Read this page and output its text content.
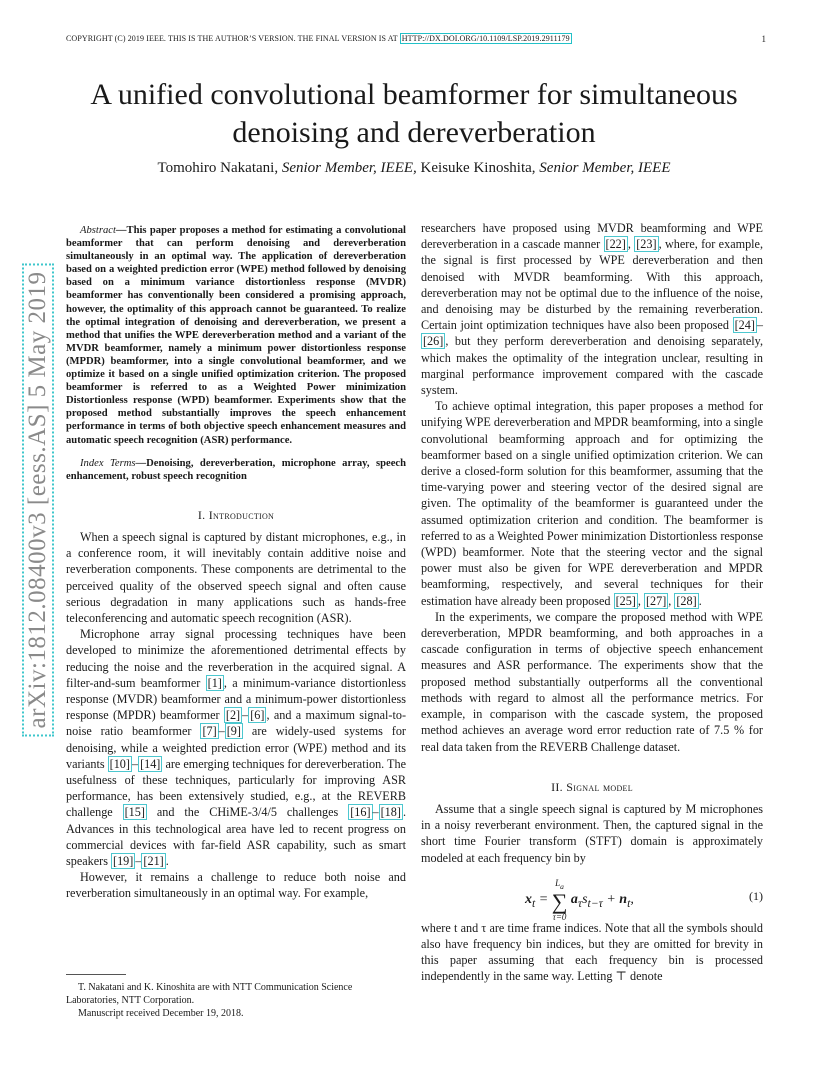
COPYRIGHT (C) 2019 IEEE. THIS IS THE AUTHOR’S VERSION. THE FINAL VERSION IS AT HTTP://DX.DOI.ORG/10.1109/LSP.2019.2911179	1
arXiv:1812.08400v3 [eess.AS] 5 May 2019
A unified convolutional beamformer for simultaneous denoising and dereverberation
Tomohiro Nakatani, Senior Member, IEEE, Keisuke Kinoshita, Senior Member, IEEE

Abstract—This paper proposes a method for estimating a convolutional beamformer that can perform denoising and dereverberation simultaneously in an optimal way. The application of dereverberation based on a weighted prediction error (WPE) method followed by denoising based on a minimum variance distortionless response (MVDR) beamformer has conventionally been considered a promising approach, however, the optimality of this approach cannot be guaranteed. To realize the optimal integration of denoising and dereverberation, we present a method that unifies the WPE dereverberation method and a variant of the MVDR beamformer, namely a minimum power distortionless response (MPDR) beamformer, into a single convolutional beamformer, and we optimize it based on a single unified optimization criterion. The proposed beamformer is referred to as a Weighted Power minimization Distortionless response (WPD) beamformer. Experiments show that the proposed method substantially improves the speech enhancement performance in terms of both objective speech enhancement measures and automatic speech recognition (ASR) performance.

Index Terms—Denoising, dereverberation, microphone array, speech enhancement, robust speech recognition

I. Introduction

When a speech signal is captured by distant microphones, e.g., in a conference room, it will inevitably contain additive noise and reverberation components. These components are detrimental to the perceived quality of the observed speech signal and often cause serious degradation in many applications such as hands-free teleconferencing and automatic speech recognition (ASR).

Microphone array signal processing techniques have been developed to minimize the aforementioned detrimental effects by reducing the noise and the reverberation in the acquired signal. A filter-and-sum beamformer [1] , a minimum-variance distortionless response (MVDR) beamformer and a minimum-power distortionless response (MPDR) beamformer [2] – [6] , and a maximum signal-to-noise ratio beamformer [7] – [9] are widely-used systems for denoising, while a weighted prediction error (WPE) method and its variants [10] – [14] are emerging techniques for dereverberation. The usefulness of these techniques, particularly for improving ASR performance, has been extensively studied, e.g., at the REVERB challenge [15] and the CHiME-3/4/5 challenges [16] – [18] . Advances in this technological area have led to recent progress on commercial devices with far-field ASR capability, such as smart speakers [19] – [21] .

However, it remains a challenge to reduce both noise and reverberation simultaneously in an optimal way. For example,

T. Nakatani and K. Kinoshita are with NTT Communication Science Laboratories, NTT Corporation.

Manuscript received December 19, 2018.

researchers have proposed using MVDR beamforming and WPE dereverberation in a cascade manner [22] , [23] , where, for example, the signal is first processed by WPE dereverberation and then denoised with MVDR beamforming. With this approach, dereverberation may not be optimal due to the influence of the noise, and denoising may be disturbed by the remaining reverberation. Certain joint optimization techniques have also been proposed [24] –[26] , but they perform dereverberation and denoising separately, which makes the optimality of the integration unclear, resulting in marginal performance improvement compared with the cascade system.

To achieve optimal integration, this paper proposes a method for unifying WPE dereverberation and MPDR beamforming, into a single convolutional beamforming approach and for optimizing the beamformer based on a single unified optimization criterion. We can derive a closed-form solution for this beamformer, assuming that the time-varying power and steering vector of the desired signal are given. The optimality of the beamformer is guaranteed under the assumed optimization criterion and condition. The beamformer is referred to as a Weighted Power minimization Distortionless response (WPD) beamformer. Note that the steering vector and the signal power must also be given for WPE dereverberation and MPDR beamforming, respectively, and several techniques for their estimation have already been proposed [25] , [27] , [28] .

In the experiments, we compare the proposed method with WPE dereverberation, MPDR beamforming, and both approaches in a cascade configuration in terms of objective speech enhancement measures and ASR performance. The experiments show that the proposed method substantially outperforms all the conventional methods with regard to almost all the performance metrics. For example, in comparison with the cascade system, the proposed method achieves an average word error reduction rate of 7.5 % for real data taken from the REVERB Challenge dataset.

II. Signal model

Assume that a single speech signal is captured by M microphones in a noisy reverberant environment. Then, the captured signal in the short time Fourier transform (STFT) domain is approximately modeled at each frequency bin by

$x_t$ =
$L_a$
∑
τ=0
$a_\tau s_{t-\tau} + n_t$,	(1)

where t and τ are time frame indices. Note that all the symbols should also have frequency bin indices, but they are omitted for brevity in this paper assuming that each frequency bin is processed independently in the same way. Letting ⊤ denote
